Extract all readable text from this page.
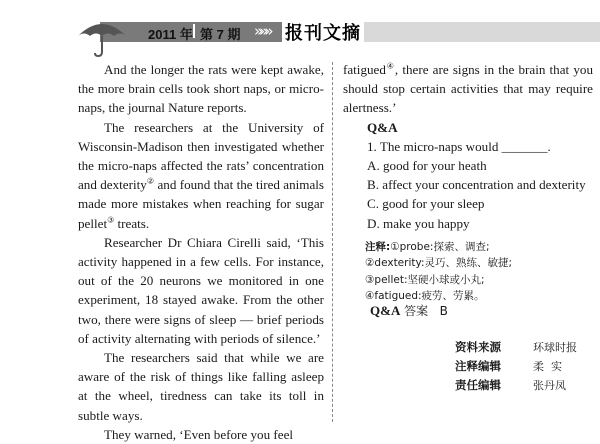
2011 年 第 7 期 »»» 报刊文摘

And the longer the rats were kept awake, the more brain cells took short naps, or micro-naps, the journal Nature reports.

The researchers at the University of Wisconsin-Madison then investigated whether the micro-naps affected the rats’ concentration and dexterity② and found that the tired animals made more mistakes when reaching for sugar pellet③ treats.

Researcher Dr Chiara Cirelli said, ‘This activity happened in a few cells. For instance, out of the 20 neurons we monitored in one experiment, 18 stayed awake. From the other two, there were signs of sleep — brief periods of activity alternating with periods of silence.’

The researchers said that while we are aware of the risk of things like falling asleep at the wheel, tiredness can take its toll in subtle ways.

They warned, ‘Even before you feel

fatigued④, there are signs in the brain that you should stop certain activities that may require alertness.’

Q&A

1. The micro-naps would _______.

A. good for your heath

B. affect your concentration and dexterity

C. good for your sleep

D. make you happy

注释:①probe:探索、调查;
②dexterity:灵巧、熟练、敏捷;
③pellet:坚硬小球或小丸;
④fatigued:疲劳、劳累。
Q&A 答案   B
资料来源	环球时报
注释编辑	柔  实
责任编辑	张丹凤
